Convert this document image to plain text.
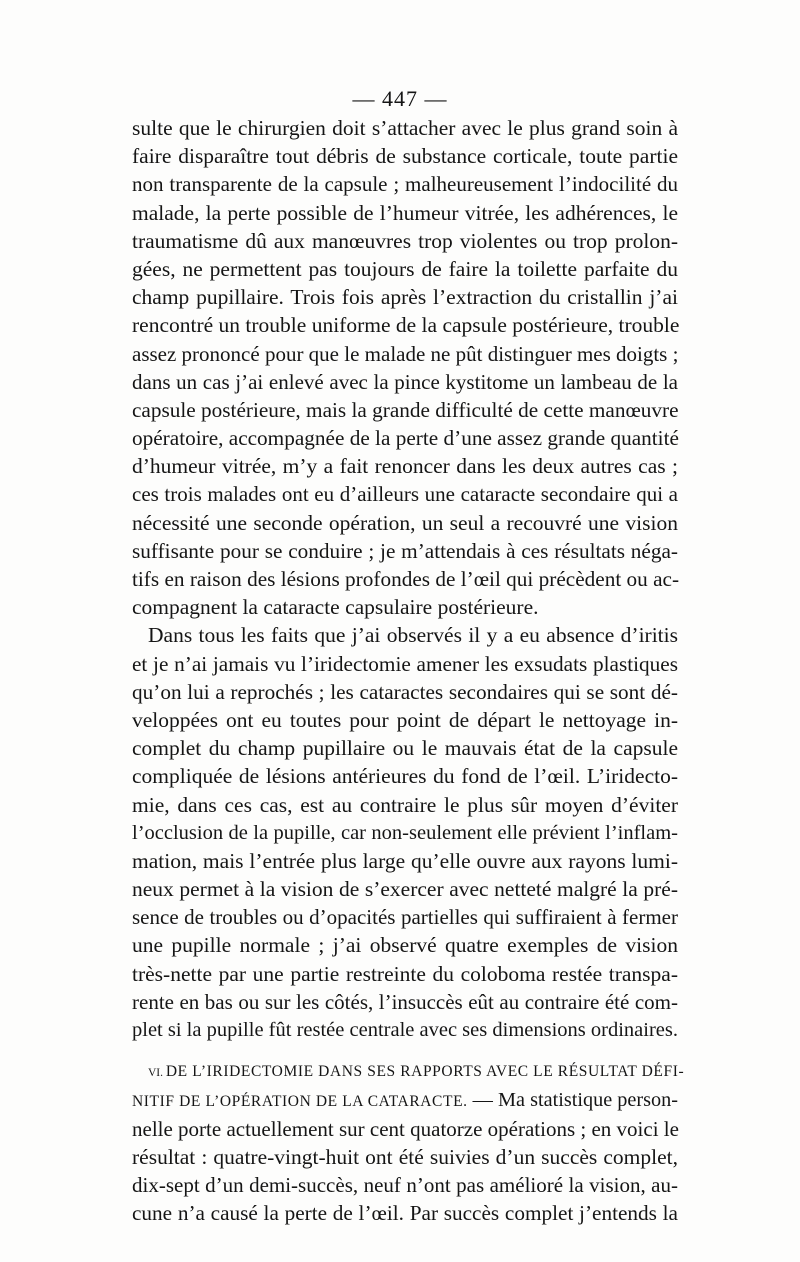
— 447 —
sulte que le chirurgien doit s’attacher avec le plus grand soin à
faire disparaître tout débris de substance corticale, toute partie
non transparente de la capsule ; malheureusement l’indocilité du
malade, la perte possible de l’humeur vitrée, les adhérences, le
traumatisme dû aux manœuvres trop violentes ou trop prolon-
gées, ne permettent pas toujours de faire la toilette parfaite du
champ pupillaire. Trois fois après l’extraction du cristallin j’ai
rencontré un trouble uniforme de la capsule postérieure, trouble
assez prononcé pour que le malade ne pût distinguer mes doigts ;
dans un cas j’ai enlevé avec la pince kystitome un lambeau de la
capsule postérieure, mais la grande difficulté de cette manœuvre
opératoire, accompagnée de la perte d’une assez grande quantité
d’humeur vitrée, m’y a fait renoncer dans les deux autres cas ;
ces trois malades ont eu d’ailleurs une cataracte secondaire qui a
nécessité une seconde opération, un seul a recouvré une vision
suffisante pour se conduire ; je m’attendais à ces résultats néga-
tifs en raison des lésions profondes de l’œil qui précèdent ou ac-
compagnent la cataracte capsulaire postérieure.
Dans tous les faits que j’ai observés il y a eu absence d’iritis
et je n’ai jamais vu l’iridectomie amener les exsudats plastiques
qu’on lui a reprochés ; les cataractes secondaires qui se sont dé-
veloppées ont eu toutes pour point de départ le nettoyage in-
complet du champ pupillaire ou le mauvais état de la capsule
compliquée de lésions antérieures du fond de l’œil. L’iridecto-
mie, dans ces cas, est au contraire le plus sûr moyen d’éviter
l’occlusion de la pupille, car non-seulement elle prévient l’inflam-
mation, mais l’entrée plus large qu’elle ouvre aux rayons lumi-
neux permet à la vision de s’exercer avec netteté malgré la pré-
sence de troubles ou d’opacités partielles qui suffiraient à fermer
une pupille normale ; j’ai observé quatre exemples de vision
très-nette par une partie restreinte du coloboma restée transpa-
rente en bas ou sur les côtés, l’insuccès eût au contraire été com-
plet si la pupille fût restée centrale avec ses dimensions ordinaires.
VI. DE L’IRIDECTOMIE DANS SES RAPPORTS AVEC LE RÉSULTAT DÉFI-
NITIF DE L’OPÉRATION DE LA CATARACTE. — Ma statistique person-
nelle porte actuellement sur cent quatorze opérations ; en voici le
résultat : quatre-vingt-huit ont été suivies d’un succès complet,
dix-sept d’un demi-succès, neuf n’ont pas amélioré la vision, au-
cune n’a causé la perte de l’œil. Par succès complet j’entends la
